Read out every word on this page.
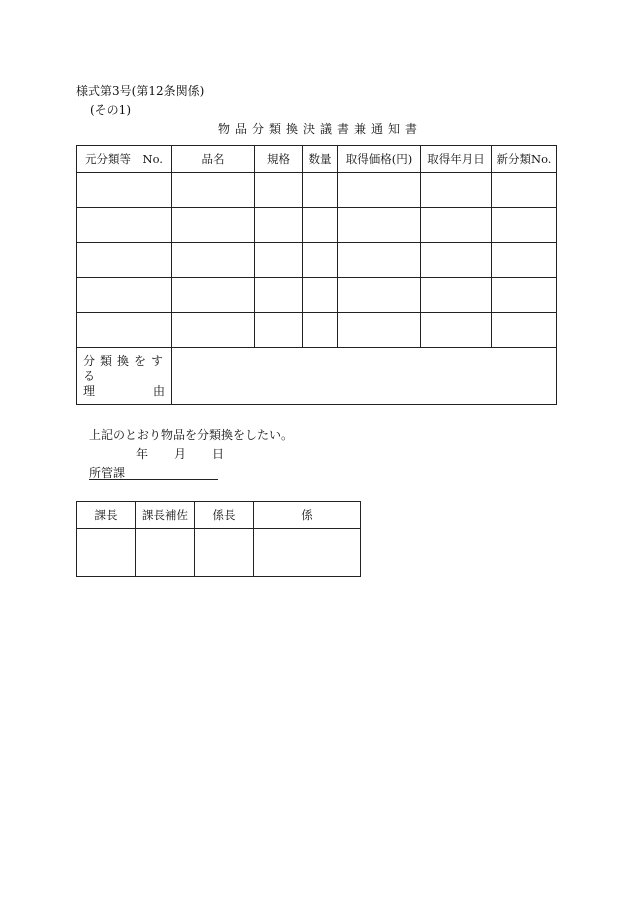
様式第3号(第12条関係)
(その1)
物品分類換決議書兼通知書
元分類等　No.	品名	規格	数量	取得価格(円)	取得年月日	新分類No.

分類換をする
理 由						

上記のとおり物品を分類換をしたい。
年 月 日
所管課
課長	課長補佐	係長	係
